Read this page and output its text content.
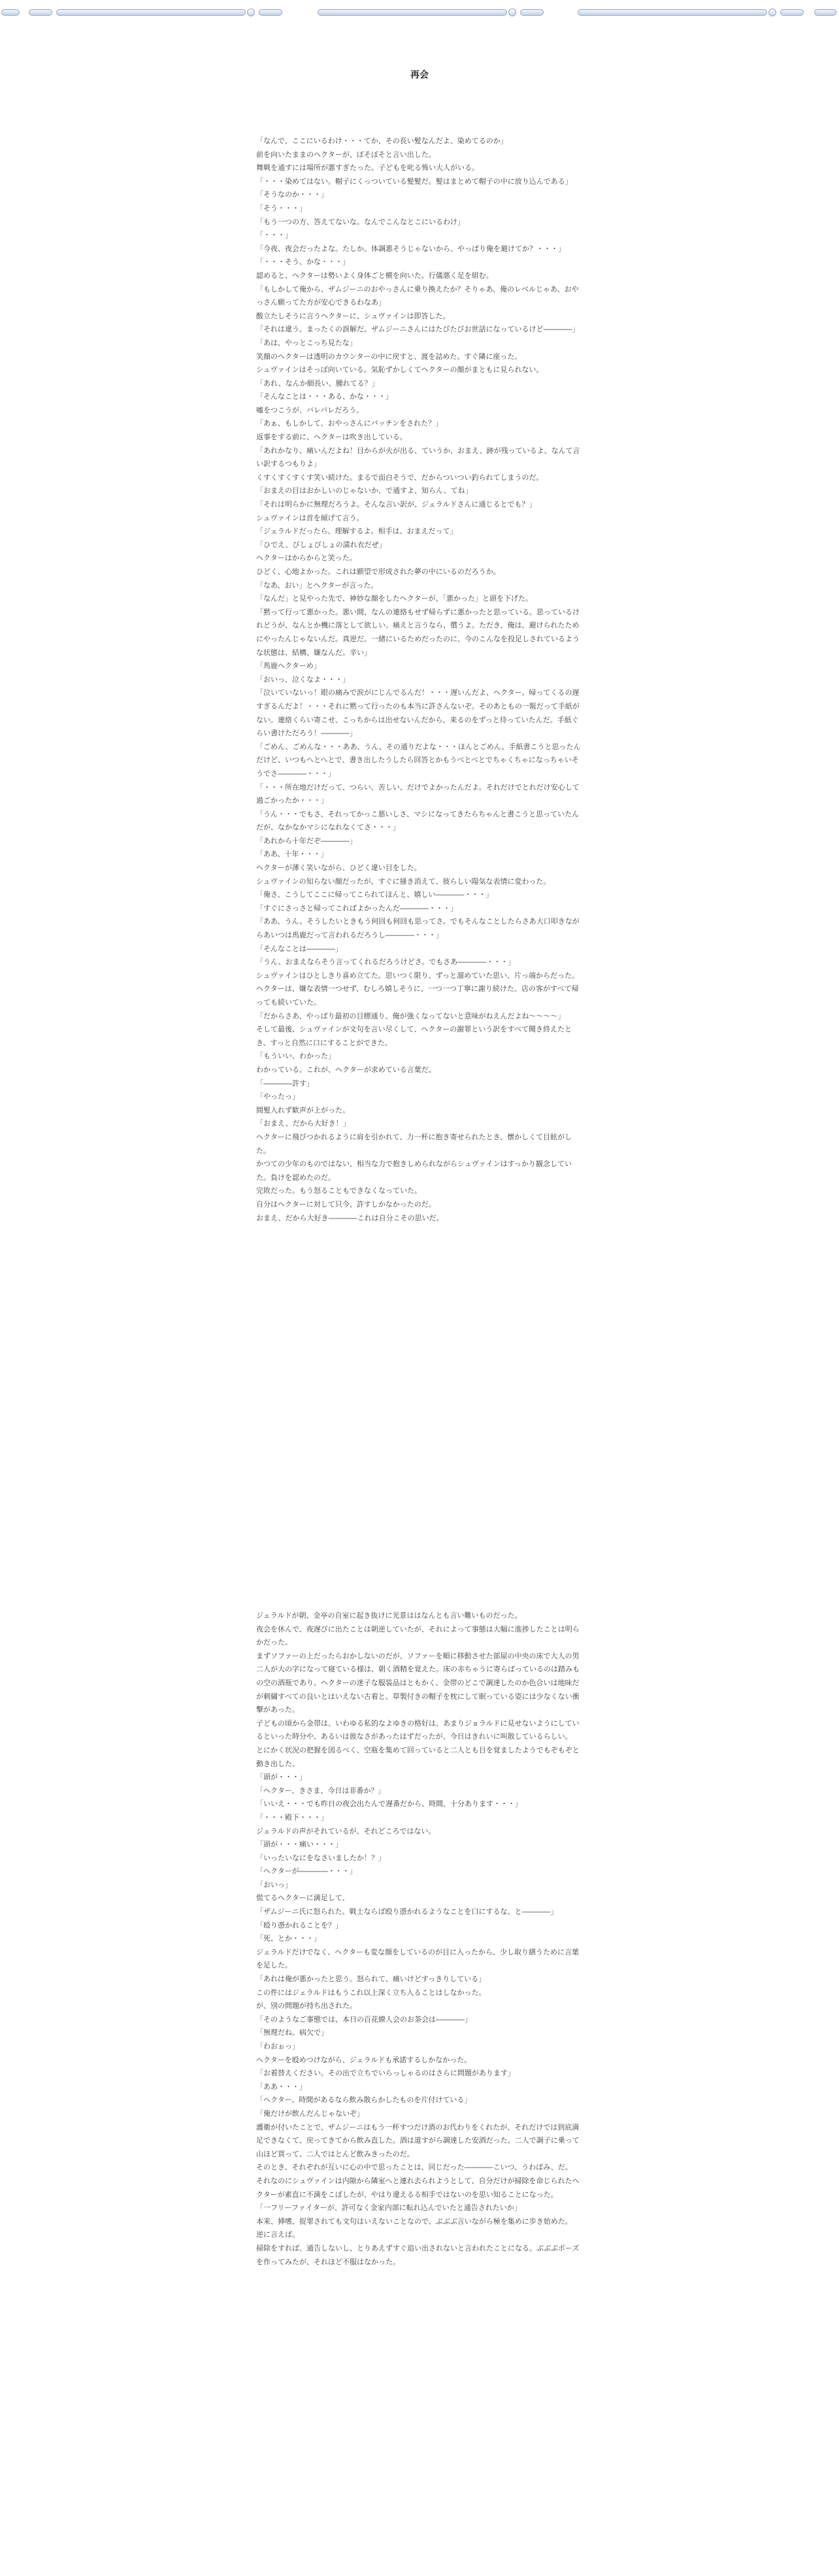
再会

「なんで、ここにいるわけ・・・てか、その長い髪なんだよ、染めてるのか」

前を向いたままのヘクターが、ぽそぽそと言い出した。

舞戦を通すには場所が悪すぎたった。子どもを叱る怖い大人がいる。

「・・・染めてはない。帽子にくっついている髪髪だ。髪はまとめて帽子の中に放り込んである」

「そうなのか・・・」

「そう・・・」

「もう一つの方、答えてないな。なんでこんなとこにいるわけ」

「・・・」

「今夜、夜会だったよな。たしか。体調悪そうじゃないから、やっぱり俺を避けてか？・・・」

「・・・そう、かな・・・」

認めると、ヘクターは勢いよく身体ごと横を向いた。行儀悪く足を組む。

「もしかして俺から、ザムジーニのおやっさんに乗り換えたか？そりゃあ、俺のレベルじゃあ、おやっさん願ってた方が安心できるわなあ」

酸立たしそうに言うヘクターに、シュヴァインは即答した。

「それは違う。まったくの誤解だ。ザムジーニさんにはたびたびお世話になっているけど――――」

「あは、やっとこっち見たな」

笑顔のヘクターは透明のカウンターの中に戻すと、渡を詰めた。すぐ隣に座った。

シュヴァインはそっぽ向いている。気恥ずかしくてヘクターの顔がまともに見られない。

「あれ、なんか細長い、腫れてる？」

「そんなことは・・・ある、かな・・・」

嘘をつこうが、バレバレだろう。

「あぁ、もしかして、おやっさんにバッチンをされた？」

返事をする前に、ヘクターは吹き出している。

「あれかなり、痛いんだよね！目からが火が出る、ていうか、おまえ、跡が残っているよ、なんて言い訳するつもりよ」

くすくすくすくす笑い続けた。まるで面白そうで、だからついつい釣られてしまうのだ。

「おまえの目はおかしいのじゃないか、で通すよ、知らん、てね」

「それは明らかに無理だろうよ。そんな言い訳が、ジェラルドさんに通じるとでも？」

シュヴァインは首を傾げて言う。

「ジェラルドだったら、理解するよ。相手は、おまえだって」

「ひでえ、びしょびしょの濡れ衣だぜ」

ヘクターはからからと笑った。

ひどく、心地よかった。これは願望で形成された夢の中にいるのだろうか。

「なあ、おい」とヘクターが言った。

「なんだ」と見やった先で、神妙な顔をしたヘクターが、「悪かった」と頭を下げた。

「黙って行って悪かった。悪い間、なんの連絡もせず帰らずに悪かったと思っている。思っているけれどうが、なんとか機に落として欲しい。痛えと言うなら、償うよ。ただき、俺は、避けられたためにやったんじゃないんだ。真逆だ。一緒にいるためだったのに、今のこんなを投足しされているような状態は、結構、嫌なんだ。辛い」

「馬鹿ヘクターめ」

「おいっ、泣くなよ・・・」

「泣いていないっ！眼の痛みで涙がにじんでるんだ！・・・遅いんだよ、ヘクター。帰ってくるの遅すぎるんだよ！・・・それに黙って行ったのも本当に許さんないぞ。そのあともの一報だって手紙がない。連絡くらい寄こせ、こっちからは出せないんだから。来るのをずっと待っていたんだ。手紙ぐらい書けただろう！――――」

「ごめん、ごめんな・・・ああ、うん、その通りだよな・・・ほんとごめん。手紙書こうと思ったんだけど、いつもへとへとで、書き出したうしたら回答とかもうべとべとでちゃくちゃになっちゃいそうでさ――――・・・」

「・・・所在地だけだって、つらい、苦しい、だけでよかったんだよ。それだけでとれだけ安心して過ごかったか・・・」

「うん・・・でもさ、それってかっこ悪いしさ、マシになってきたらちゃんと書こうと思っていたんだが、なかなかマシになれなくてさ・・・」

「あれから十年だぞ――――」

「ああ、十年・・・」

ヘクターが薄く笑いながら、ひどく違い目をした。

シュヴァインの知らない顔だったが、すぐに掻き消えて、彼らしい陽気な表情に変わった。

「俺さ、こうしてここに帰ってこられてほんと、嬉しい――――・・・」

「すぐにさっさと帰ってこればよかったんだ――――・・・」

「ああ、うん。そうしたいときもう何回も何回も思ってさ。でもそんなことしたらさあ大口叩きながらあいつは馬鹿だって言われるだろうし――――・・・」

「そんなことは――――」

「うん、おまえならそう言ってくれるだろうけどさ。でもさあ――――・・・」

シュヴァインはひとしきり喜め立てた。思いつく限り、ずっと溜めていた思い、片っ端からだった。

ヘクターは、嫌な表情一つせず、むしろ嬉しそうに、一つ一つ丁寧に謝り続けた。店の客がすべて帰っても続いていた。

「だからさあ、やっぱり最初の目標通り、俺が強くなってないと意味がねえんだよね〜〜〜〜」

そして最後、シュヴァインが文句を言い尽くして、ヘクターの謝罪という訳をすべて聞き終えたとき、すっと自然に口にすることができた。

「もういい、わかった」

わかっている。これが、ヘクターが求めている言葉だ。

「――――許す」

「やったっ」

間髪入れず歓声が上がった。

「おまえ、だから大好き！」

ヘクターに飛びつかれるように肩を引かれて、力一杯に抱き寄せられたとき、懐かしくて目眩がした。

かつての少年のものではない、相当な力で抱きしめられながらシュヴァインはすっかり観念していた。負けを認めたのだ。

完敗だった。もう怒ることもできなくなっていた。

自分はヘクターに対して只今、許すしかなかったのだ。

おまえ、だから大好き――――これは自分こその思いだ。

ジェラルドが朝、金亭の自室に起き抜けに光景ははなんとも言い難いものだった。

夜会を休んで、夜遅びに出たことは朝逆していたが、それによって事態は大幅に進捗したことは明らかだった。

まずソファーの上だったらおかしないのだが、ソファーを順に移動させた部屋の中央の床で大人の男二人が大の字になって寝ている様は、朝く酒精を覚えた。床の赤ちゃうに寄らばっているのは踏みもの空の酒瓶であり、ヘクターの迷子な服装品はともかく、金帯のどこで調達したのか色合いは地味だが刺繍すべての良いとはいえない古着と、草製付きの帽子を枕にして眠っている姿には少なくない衝撃があった。

子どもの頃から金帯は、いわゆる私的なよゆきの格好は、あまりジョラルドに見せないようにしているといった時分や、あるいは彼なさがあったはずだったが、今日はきれいに叫散しているらしい。

とにかく状況の把握を図るべく、空瓶を集めて回っていると二人とも目を覚ましたようでもぞもぞと動き出した。

「頭が・・・」

「ヘクター、きさま、今日は非番か？」

「いいえ・・・でも昨日の夜会出たんで遅番だから、時間、十分あります・・・」

「・・・殿下・・・」

ジェラルドの声がそれているが、それどころではない。

「頭が・・・痛い・・・」

「いったいなにをなさいましたか！？」

「ヘクターが――――・・・」

「おいっ」

慌てるヘクターに満足して、

「ザムジーニ氏に怒られた。戦士ならば殴り憑かれるようなことを口にするな、と――――」

「殴り憑かれることを？」

「死、とか・・・」

ジェラルドだけでなく、ヘクターも変な顔をしているのが目に入ったから、少し取り繕うために言葉を足した。

「あれは俺が悪かったと思う。怒られて、痛いけどすっきりしている」

この件にはジェラルドはもうこれ以上深く立ち入ることはしなかった。

が、別の問題が持ち出された。

「そのようなご事態では、本日の百花繚人会のお茶会は――――」

「無理だね。病欠で」

「わおぉっ」

ヘクターを殴めつけながら、ジェラルドも承諾するしかなかった。

「お着替えください。その出で立ちでいらっしゃるのはさらに問題があります」

「ああ・・・」

「ヘクター。時間があるなら飲み散らかしたものを片付けている」

「俺だけが飲んだんじゃないぞ」

護衛が付いたことで、ザムジーニはもう一杯すつだけ酒のお代わりをくれたが、それだけでは到底満足できなくて、戻ってきてから飲み直した。酒は道すがら調達した安酒だった。二人で調子に乗って山ほど買って、二人ではとんど飲みきったのだ。

そのとき、それぞれが互いに心の中で思ったことは、同じだった――――こいつ、うわばみ、だ。

それなのにシュヴァインは内隙から隣室へと連れ去られようとして、自分だけが掃除を命じられたヘクターが素直に不満をこぼしたが、やはり違えるる相手ではないのを思い知ることになった。

「一フリーファイターが、許可なく金家内部に転れ込んでいたと通告されたいか」

本来、挿嗜、捉罪されても文句はいえないことなので、ぶぶぶ言いながら極を集めに歩き始めた。

逆に言えば。

掃除をすれば、通告しないし、とりあえずすぐ追い出されないと言われたことになる。ぶぶぶポーズを作ってみたが、それほど不服はなかった。
